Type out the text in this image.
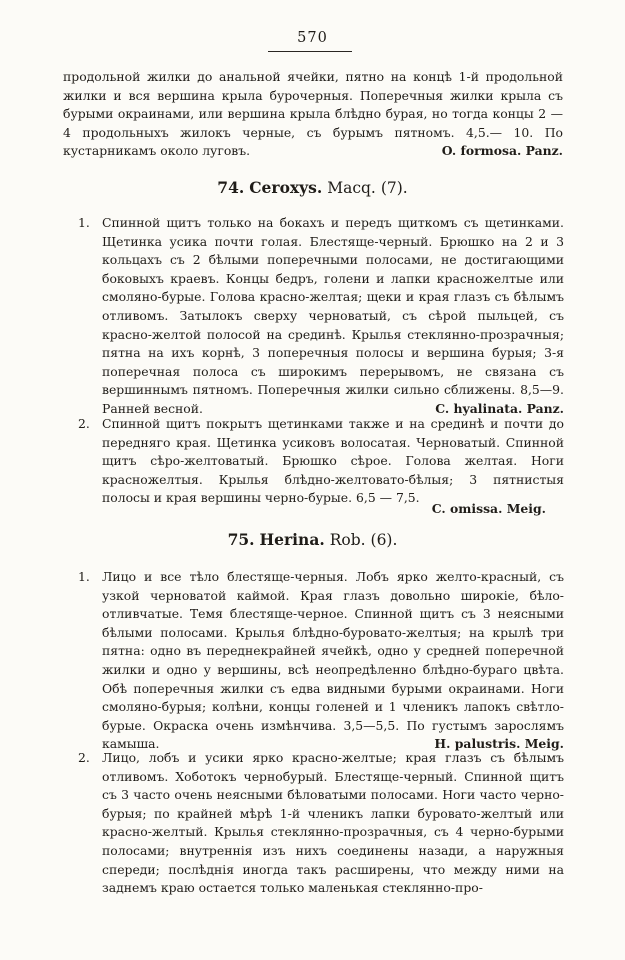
570

продольной жилки до анальной ячейки, пятно на концѣ 1-й продольной жилки и вся вершина крыла бурочерныя. Поперечныя жилки крыла съ бурыми окраинами, или вершина крыла блѣдно бурая, но тогда концы 2 — 4 продольныхъ жилокъ черные, съ бурымъ пятномъ. 4,5.— 10. По кустарникамъ около луговъ.	O. formosa. Panz.

74. Ceroxys. Macq. (7).
1. Спинной щитъ только на бокахъ и передъ щиткомъ съ щетинками. Щетинка усика почти голая. Блестяще-черный. Брюшко на 2 и 3 кольцахъ съ 2 бѣлыми поперечными полосами, не достигающими боковыхъ краевъ. Концы бедръ, голени и лапки красножелтые или смоляно-бурые. Голова красно-желтая; щеки и края глазъ съ бѣлымъ отливомъ. Затылокъ сверху черноватый, съ сѣрой пыльцей, съ красно-желтой полосой на срединѣ. Крылья стекляннo-прозрачныя; пятна на ихъ корнѣ, 3 поперечныя полосы и вершина бурыя; 3-я поперечная полоса съ широкимъ перерывомъ, не связана съ вершиннымъ пятномъ. Поперечныя жилки сильно сближены. 8,5—9. Ранней весной.	C. hyalinata. Panz.

2. Спинной щитъ покрытъ щетинками также и на срединѣ и почти до передняго края. Щетинка усиковъ волосатая. Черноватый. Спинной щитъ сѣро-желтоватый. Брюшко сѣрое. Голова желтая. Ноги красножелтыя. Крылья блѣдно-желтовато-бѣлыя; 3 пятнистыя полосы и края вершины черно-бурые. 6,5 — 7,5.

C. omissa. Meig.
75. Herina. Rob. (6).
1. Лицо и все тѣло блестяще-черныя. Лобъ ярко желто-красный, съ узкой черноватой каймой. Края глазъ довольно широкіе, бѣло-отливчатые. Темя блестяще-черное. Спинной щитъ съ 3 неясными бѣлыми полосами. Крылья блѣдно-буровато-желтыя; на крылѣ три пятна: одно въ переднекрайней ячейкѣ, одно у средней поперечной жилки и одно у вершины, всѣ неопредѣленно блѣдно-бураго цвѣта. Обѣ поперечныя жилки съ едва видными бурыми окраинами. Ноги смоляно-бурыя; колѣни, концы голеней и 1 членикъ лапокъ свѣтло-бурые. Окраска очень измѣнчива. 3,5—5,5. По густымъ зарослямъ камыша.	H. palustris. Meig.

2. Лицо, лобъ и усики ярко красно-желтые; края глазъ съ бѣлымъ отливомъ. Хоботокъ чернобурый. Блестяще-черный. Спинной щитъ съ 3 часто очень неясными бѣловатыми полосами. Ноги часто черно-бурыя; по крайней мѣрѣ 1-й членикъ лапки буровато-желтый или красно-желтый. Крылья стекляннo-прозрачныя, съ 4 черно-бурыми полосами; внутреннія изъ нихъ соединены назади, а наружныя спереди; послѣднія иногда такъ расширены, что между ними на заднемъ краю остается только маленькая стекляннo-про-
